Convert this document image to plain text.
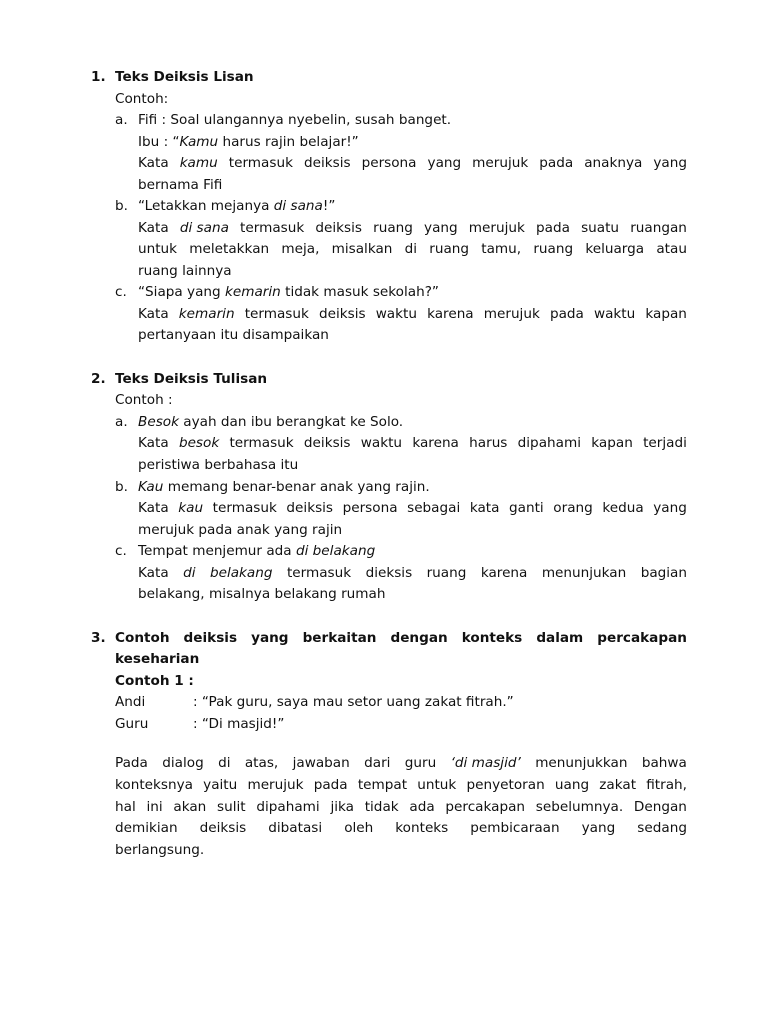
1. Teks Deiksis Lisan
Contoh:
a. Fifi : Soal ulangannya nyebelin, susah banget.
Ibu : “Kamu harus rajin belajar!”
Kata kamu termasuk deiksis persona yang merujuk pada anaknya yang
bernama Fifi
b. “Letakkan mejanya di sana!”
Kata di sana termasuk deiksis ruang yang merujuk pada suatu ruangan
untuk meletakkan meja, misalkan di ruang tamu, ruang keluarga atau
ruang lainnya
c. “Siapa yang kemarin tidak masuk sekolah?”
Kata kemarin termasuk deiksis waktu karena merujuk pada waktu kapan
pertanyaan itu disampaikan
2. Teks Deiksis Tulisan
Contoh :
a. Besok ayah dan ibu berangkat ke Solo.
Kata besok termasuk deiksis waktu karena harus dipahami kapan terjadi
peristiwa berbahasa itu
b. Kau memang benar-benar anak yang rajin.
Kata kau termasuk deiksis persona sebagai kata ganti orang kedua yang
merujuk pada anak yang rajin
c. Tempat menjemur ada di belakang
Kata di belakang termasuk dieksis ruang karena menunjukan bagian
belakang, misalnya belakang rumah
3. Contoh deiksis yang berkaitan dengan konteks dalam percakapan
keseharian
Contoh 1 :
Andi	: “Pak guru, saya mau setor uang zakat fitrah.”
Guru	: “Di masjid!”
Pada dialog di atas, jawaban dari guru ‘di masjid’ menunjukkan bahwa
konteksnya yaitu merujuk pada tempat untuk penyetoran uang zakat fitrah,
hal ini akan sulit dipahami jika tidak ada percakapan sebelumnya. Dengan
demikian deiksis dibatasi oleh konteks pembicaraan yang sedang
berlangsung.
